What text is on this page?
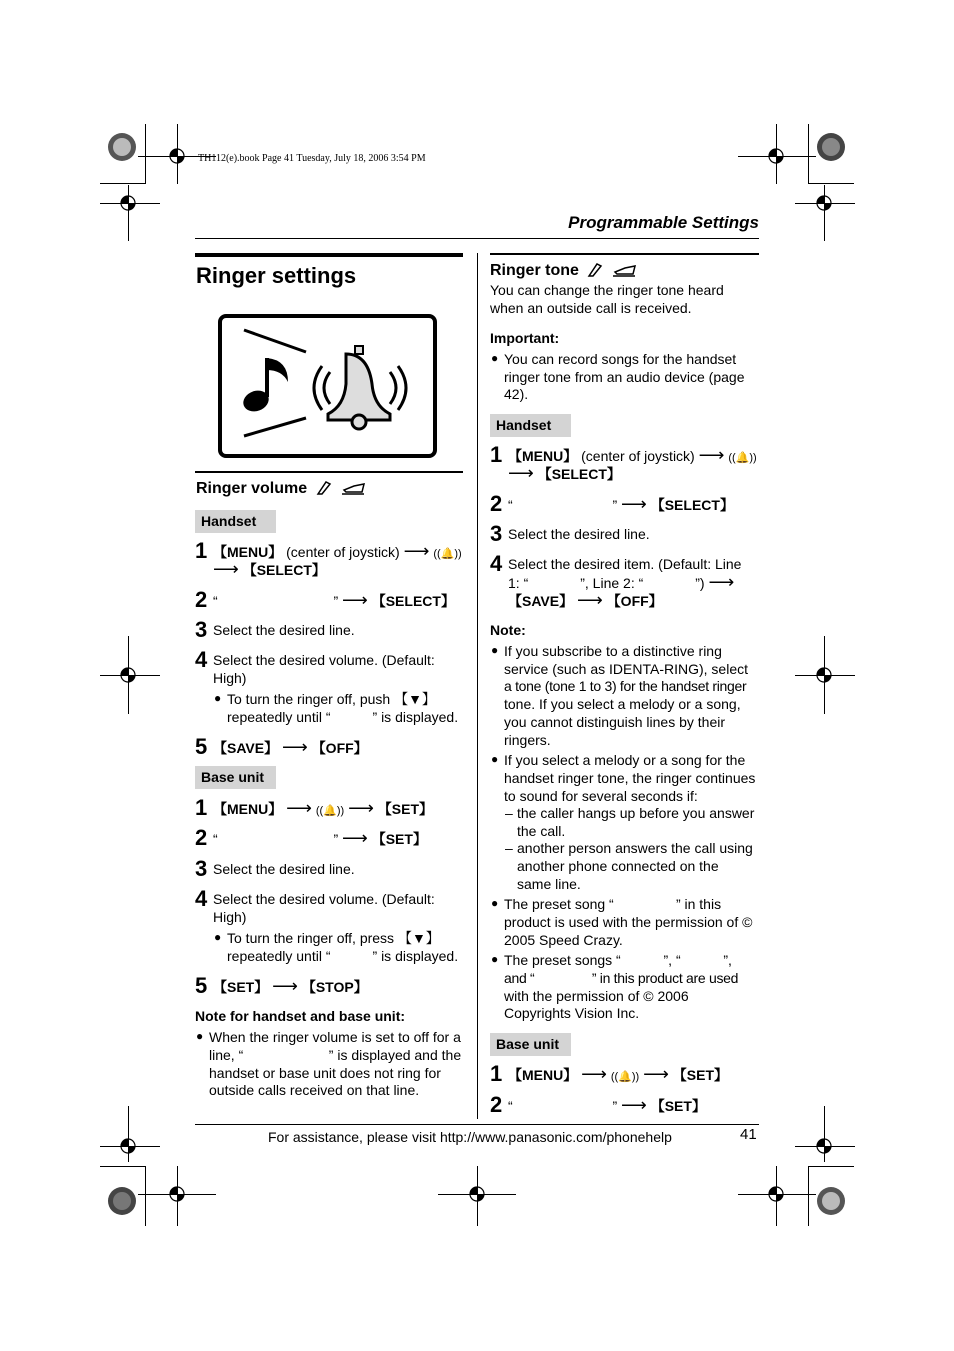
TH112(e).book Page 41 Tuesday, July 18, 2006 3:54 PM
Programmable Settings
Ringer settings
Ringer volume
Handset
1 【MENU】 (center of joystick) ⟶ ((🔔))
⟶ 【SELECT】
2 “	” ⟶ 【SELECT】
3 Select the desired line.
4 Select the desired volume. (Default:
High)
● To turn the ringer off, push 【▼】
repeatedly until “	” is displayed.
5 【SAVE】 ⟶ 【OFF】
Base unit
1 【MENU】 ⟶ ((🔔)) ⟶ 【SET】
2 “	” ⟶ 【SET】
3 Select the desired line.
4 Select the desired volume. (Default:
High)
● To turn the ringer off, press 【▼】
repeatedly until “	” is displayed.
5 【SET】 ⟶ 【STOP】
Note for handset and base unit:
● When the ringer volume is set to off for a
line, “                      ” is displayed and the
handset or base unit does not ring for
outside calls received on that line.
Ringer tone
You can change the ringer tone heard
when an outside call is received.
Important:
● You can record songs for the handset
ringer tone from an audio device (page
42).
Handset
1 【MENU】 (center of joystick) ⟶ ((🔔))
⟶ 【SELECT】
2 “	” ⟶ 【SELECT】
3 Select the desired line.
4 Select the desired item. (Default: Line
1: “	”, Line 2: “	”) ⟶
【SAVE】 ⟶ 【OFF】
Note:
● If you subscribe to a distinctive ring
service (such as IDENTA-RING), select
a tone (tone 1 to 3) for the handset ringer
tone. If you select a melody or a song,
you cannot distinguish lines by their
ringers.
● If you select a melody or a song for the
handset ringer tone, the ringer continues
to sound for several seconds if:
– the caller hangs up before you answer
the call.
– another person answers the call using
another phone connected on the
same line.
● The preset song “                ” in this
product is used with the permission of ©
2005 Speed Crazy.
● The preset songs “           ”, “           ”,
and “                ” in this product are used
with the permission of © 2006
Copyrights Vision Inc.
Base unit
1 【MENU】 ⟶ ((🔔)) ⟶ 【SET】
2 “	” ⟶ 【SET】
For assistance, please visit http://www.panasonic.com/phonehelp	41
